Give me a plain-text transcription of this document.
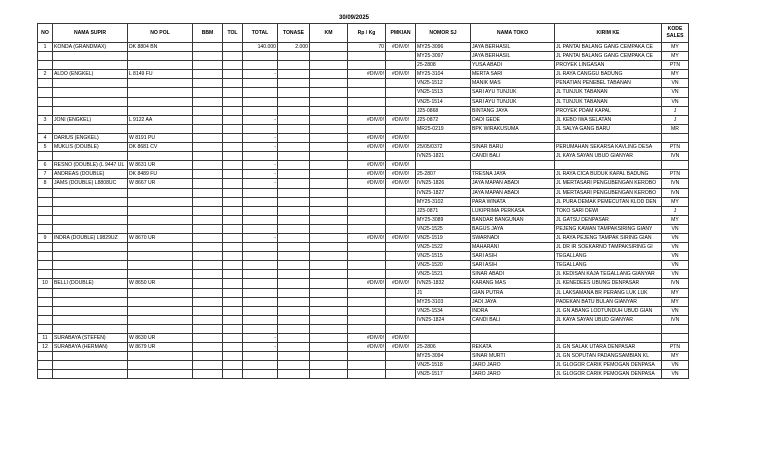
30/09/2025
NO	NAMA SUPIR	NO POL	BBM	TOL	TOTAL	TONASE	KM	Rp / Kg	PMKIAN	NOMOR SJ	NAMA TOKO	KIRIM KE	KODE SALES
1	KONDA (GRANDMAX)	DK 8804 BN			140.000	2.000		70	#DIV/0!	MY25-3096	JAYA BERHASIL	JL PANTAI BALANG GANG CEMPAKA CE	MY
										MY25-3097	JAYA BERHASIL	JL PANTAI BALANG GANG CEMPAKA CE	MY
										25-2808	YUSA ABADI	PROYEK LINGASAN	PTN
2	ALDO (ENGKEL)	L 8149 FU			-			#DIV/0!	#DIV/0!	MY25-3104	MERTA SARI	JL RAYA CANGGU BADUNG	MY
										VN25-1512	MANIK MAS	PENATIAN PENEBEL TABANAN	VN
										VN25-1513	SARI AYU TUNJUK	JL TUNJUK TABANAN	VN
										VN25-1514	SARI AYU TUNJUK	JL TUNJUK TABANAN	VN
										J25-0868	BINTANG JAYA	PROYEK PDAM KAPAL	J
3	JONI (ENGKEL)	L 9122 AA			-			#DIV/0!	#DIV/0!	J25-0872	DADI GEDE	JL KEBO IWA SELATAN	J
										MR25-0219	BPK WIRAKUSUMA	JL SALYA GANG BARU	MR
4	DARIUS (ENGKEL)	W 8191 PU			-			#DIV/0!	#DIV/0!				
5	MUKLIS (DOUBLE)	DK 8681 CV			-			#DIV/0!	#DIV/0!	25/05/0372	SINAR BARU	PERUMAHAN SEKARSA KAVLING DESA	PTN
										IVN25-1821	CANDI BALI	JL KAYA SAYAN UBUD GIANYAR	IVN
6	RESNO (DOUBLE) (L 9447 UL	W 8631 UR			-			#DIV/0!	#DIV/0!				
7	ANDREAS (DOUBLE)	DK 8489 FU			-			#DIV/0!	#DIV/0!	25-2807	TRESNA JAYA	JL RAYA CICA BUDUK KAPAL BADUNG	PTN
8	JAMS (DOUBLE) L8808UC	W 8667 UR			-			#DIV/0!	#DIV/0!	IVN25-1826	JAYA MAPAN ABADI	JL MERTASARI PENGUBENGAN KEROBO	IVN
										IVN25-1827	JAYA MAPAN ABADI	JL MERTASARI PENGUBENGAN KEROBO	IVN
										MY25-3102	PARA WINATA	JL PURA DEMAK PEMECUTAN KLOD DEN	MY
										J25-0871	LUKIPRIMA PERKASA	TOKO SARI DEWI	J
										MY25-3089	BANDAR BANGUNAN	JL GATSU DENPASAR	MY
										VN25-1525	BAGUS JAYA	PEJENG KAWAN TAMPAKSIRING GIANY	VN
9	INDRA (DOUBLE) L9829UZ	W 8670 UR			-			#DIV/0!	#DIV/0!	VN25-1519	SWARNADI	JL RAYA PEJENG TAMPAK SIRING GIAN	VN
										VN25-1522	MAHARANI	JL DR IR SOEKARNO TAMPAKSIRING GI	VN
										VN25-1515	SARI ASIH	TEGALLANG	VN
										VN25-1520	SARI ASIH	TEGALLANG	VN
										VN25-1521	SINAR ABADI	JL KEDISAN KAJA TEGALLANG GIANYAR	VN
10	BELLI (DOUBLE)	W 8650 UR						#DIV/0!	#DIV/0!	IVN25-1832	KARANG MAS	JL KENEDEES UBUNG DENPASAR	IVN
										J1	GIAN PUTRA	JL LAKSAMANA BR PERANG LUK LUK	MY
										MY25-3103	JADI JAYA	PADEKAN BATU BULAN GIANYAR	MY
										VN25-1534	INDRA	JL GN ABANG LODTUNDUH UBUD GIAN	VN
										IVN25-1824	CANDI BALI	JL KAYA SAYAN UBUD GIANYAR	IVN

11	SURABAYA (STEFEN)	W 8630 UR			-			#DIV/0!	#DIV/0!				
12	SURABAYA (HERMAN)	W 8679 UR			-			#DIV/0!	#DIV/0!	25-2806	REKATA	JL GN SALAK UTARA DENPASAR	PTN
										MY25-3094	SINAR MURTI	JL GN SOPUTAN PADANGSAMBIAN KL	MY
										VN25-1518	JARO JARO	JL GLOGOR CARIK PEMOGAN DENPASA	VN
										VN25-1517	JARO JARO	JL GLOGOR CARIK PEMOGAN DENPASA	VN
